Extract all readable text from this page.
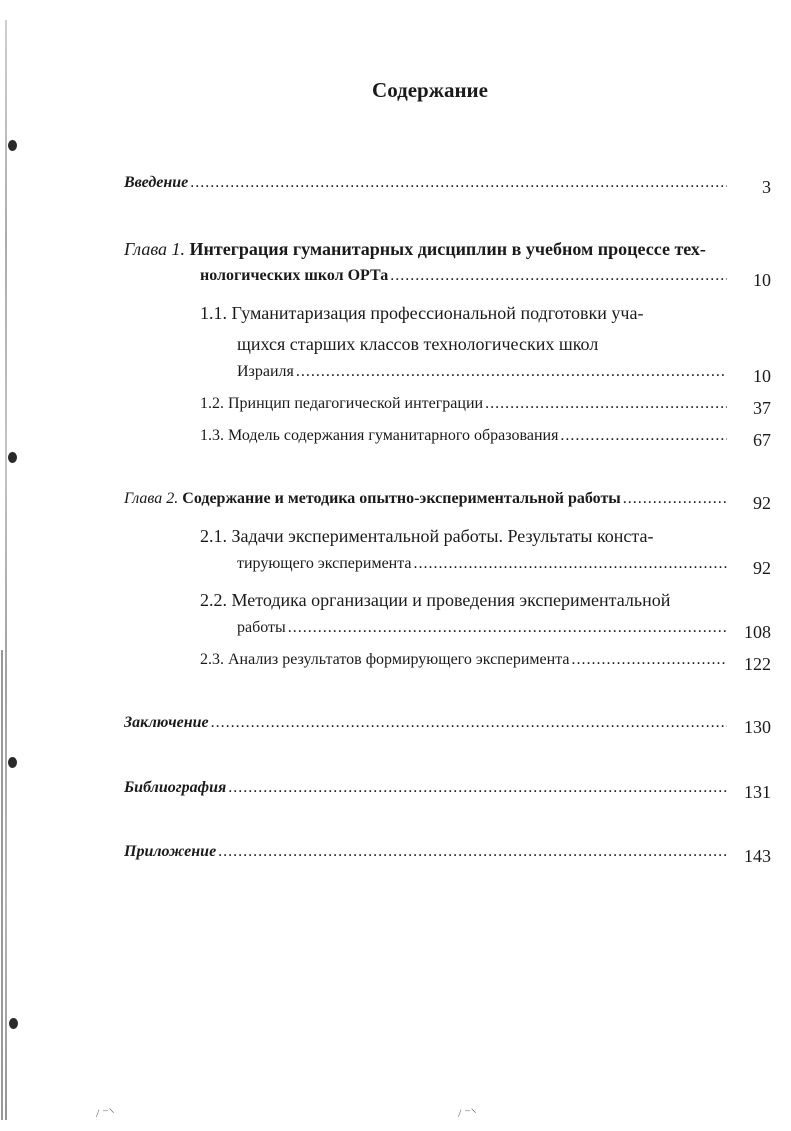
Содержание
Введение .....	3
Глава 1. Интеграция гуманитарных дисциплин в учебном процессе тех-
нологических школ ОРТа .....	10
1.1. Гуманитаризация профессиональной подготовки уча-
щихся старших классов технологических школ
Израиля .....	10
1.2. Принцип педагогической интеграции .....	37
1.3. Модель содержания гуманитарного образования .....	67
Глава 2. Содержание и методика опытно-экспериментальной работы .....	92
2.1. Задачи экспериментальной работы. Результаты конста-
тирующего эксперимента .....	92
2.2. Методика организации и проведения экспериментальной
работы .....	108
2.3. Анализ результатов формирующего эксперимента .....	122
Заключение .....	130
Библиография .....	131
Приложение .....	143
/ ⁻⸌	/ ⁻⸌
